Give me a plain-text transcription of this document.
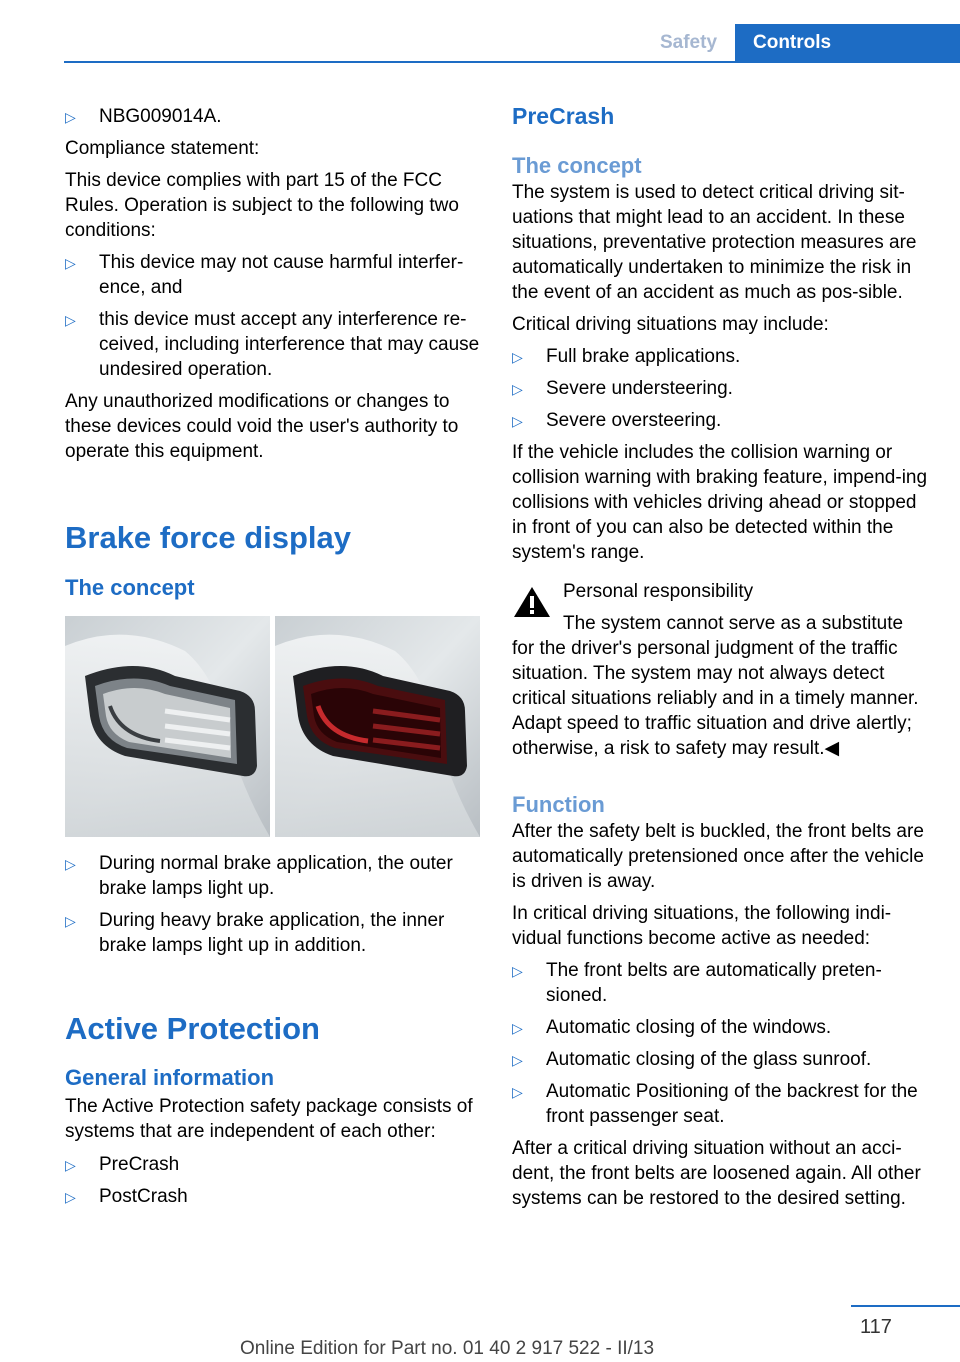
Safety	Controls
▷ NBG009014A.

Compliance statement:

This device complies with part 15 of the FCC Rules. Operation is subject to the following two conditions:

▷ This device may not cause harmful interfer‐ence, and
▷ this device must accept any interference re‐ceived, including interference that may cause undesired operation.

Any unauthorized modifications or changes to these devices could void the user's authority to operate this equipment.

Brake force display
The concept
▷ During normal brake application, the outer brake lamps light up.
▷ During heavy brake application, the inner brake lamps light up in addition.
Active Protection
General information

The Active Protection safety package consists of systems that are independent of each other:

▷ PreCrash
▷ PostCrash
PreCrash
The concept

The system is used to detect critical driving sit‐uations that might lead to an accident. In these situations, preventative protection measures are automatically undertaken to minimize the risk in the event of an accident as much as pos‐sible.

Critical driving situations may include:

▷ Full brake applications.
▷ Severe understeering.
▷ Severe oversteering.

If the vehicle includes the collision warning or collision warning with braking feature, impend‐ing collisions with vehicles driving ahead or stopped in front of you can also be detected within the system's range.

Personal responsibility
The system cannot serve as a substitute

for the driver's personal judgment of the traffic situation. The system may not always detect critical situations reliably and in a timely manner. Adapt speed to traffic situation and drive alertly; otherwise, a risk to safety may result.◀

Function

After the safety belt is buckled, the front belts are automatically pretensioned once after the vehicle is driven is away.

In critical driving situations, the following indi‐vidual functions become active as needed:

▷ The front belts are automatically preten‐sioned.
▷ Automatic closing of the windows.
▷ Automatic closing of the glass sunroof.
▷ Automatic Positioning of the backrest for the front passenger seat.

After a critical driving situation without an acci‐dent, the front belts are loosened again. All other systems can be restored to the desired setting.

117
Online Edition for Part no. 01 40 2 917 522 - II/13
